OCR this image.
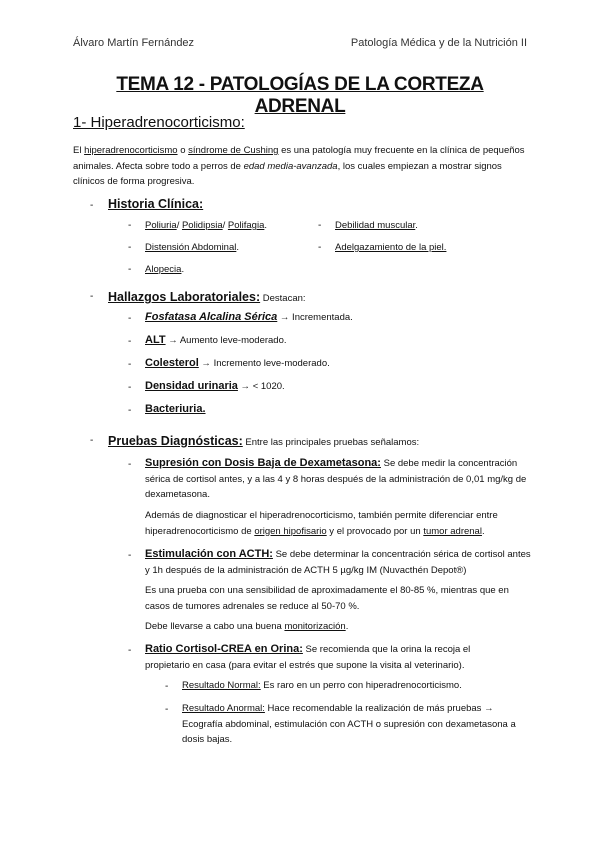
Álvaro Martín Fernández	Patología Médica y de la Nutrición II
TEMA 12 - PATOLOGÍAS DE LA CORTEZA ADRENAL
1- Hiperadrenocorticismo:
El hiperadrenocorticismo o síndrome de Cushing es una patología muy frecuente en la clínica de pequeños animales. Afecta sobre todo a perros de edad media-avanzada, los cuales empiezan a mostrar signos clínicos de forma progresiva.
- Historia Clínica:
- Poliuria/ Polidipsia/ Polifagia.	- Debilidad muscular.
- Distensión Abdominal.	- Adelgazamiento de la piel.
- Alopecia.
- Hallazgos Laboratoriales: Destacan:
- Fosfatasa Alcalina Sérica → Incrementada.
- ALT → Aumento leve-moderado.
- Colesterol → Incremento leve-moderado.
- Densidad urinaria → < 1020.
- Bacteriuria.
- Pruebas Diagnósticas: Entre las principales pruebas señalamos:
- Supresión con Dosis Baja de Dexametasona: Se debe medir la concentración sérica de cortisol antes, y a las 4 y 8 horas después de la administración de 0,01 mg/kg de dexametasona.
Además de diagnosticar el hiperadrenocorticismo, también permite diferenciar entre hiperadrenocorticismo de origen hipofisario y el provocado por un tumor adrenal.
- Estimulación con ACTH: Se debe determinar la concentración sérica de cortisol antes y 1h después de la administración de ACTH 5 µg/kg IM (Nuvacthén Depot®)
Es una prueba con una sensibilidad de aproximadamente el 80-85 %, mientras que en casos de tumores adrenales se reduce al 50-70 %.
Debe llevarse a cabo una buena monitorización.
- Ratio Cortisol-CREA en Orina: Se recomienda que la orina la recoja el propietario en casa (para evitar el estrés que supone la visita al veterinario).
- Resultado Normal: Es raro en un perro con hiperadrenocorticismo.
- Resultado Anormal: Hace recomendable la realización de más pruebas → Ecografía abdominal, estimulación con ACTH o supresión con dexametasona a dosis bajas.
